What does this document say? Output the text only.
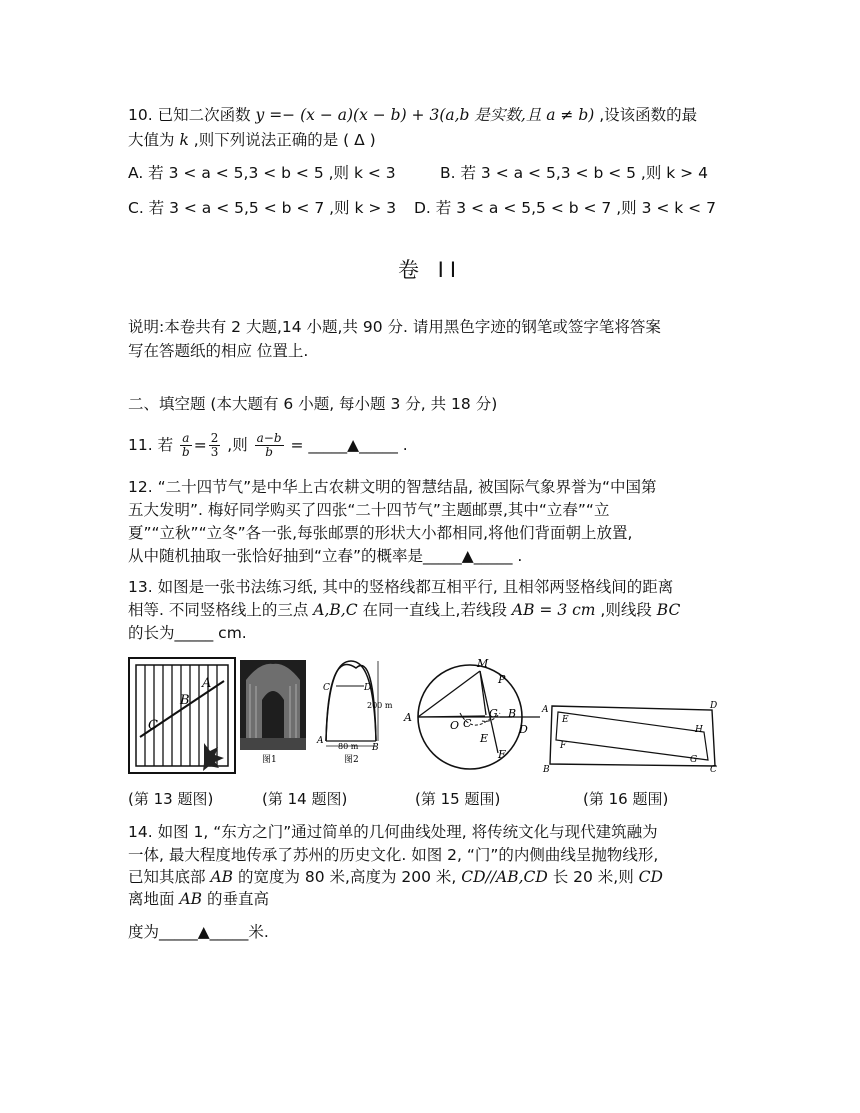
10. 已知二次函数 y =− (x − a)(x − b) + 3(a,b 是实数,且 a ≠ b) ,设该函数的最
大值为 k ,则下列说法正确的是 ( Δ )
A. 若 3 < a < 5,3 < b < 5 ,则 k < 3	B. 若 3 < a < 5,3 < b < 5 ,则 k > 4
C. 若 3 < a < 5,5 < b < 7 ,则 k > 3 D. 若 3 < a < 5,5 < b < 7 ,则 3 < k < 7
卷 II
说明:本卷共有 2 大题,14 小题,共 90 分. 请用黑色字迹的钢笔或签字笔将答案
写在答题纸的相应 位置上.
二、填空题 (本大题有 6 小题, 每小题 3 分, 共 18 分)
11. 若 $\frac{a}{b} = \frac{2}{3}$ ,则 $\frac{a-b}{b}$ = _____▲_____ .
12. “二十四节气”是中华上古农耕文明的智慧结晶, 被国际气象界誉为“中国第
五大发明”. 梅好同学购买了四张“二十四节气”主题邮票,其中“立春”“立
夏”“立秋”“立冬”各一张,每张邮票的形状大小都相同,将他们背面朝上放置,
从中随机抽取一张恰好抽到“立春”的概率是_____▲_____ .
13. 如图是一张书法练习纸, 其中的竖格线都互相平行, 且相邻两竖格线间的距离
相等. 不同竖格线上的三点 A,B,C 在同一直线上,若线段 AB = 3 cm ,则线段 BC
的长为_____ cm.
A
B
C
图1
C	D
A
B
200 m
80 m
图2
M
P
A
O C
G B
D
E
F
A	D
E
H
F
G
B	C
(第 13 题图)	(第 14 题图)	(第 15 题围)	(第 16 题围)
14. 如图 1, “东方之门”通过简单的几何曲线处理, 将传统文化与现代建筑融为
一体, 最大程度地传承了苏州的历史文化. 如图 2, “门”的内侧曲线呈抛物线形,
已知其底部 AB 的宽度为 80 米,高度为 200 米, CD//AB,CD 长 20 米,则 CD
离地面 AB 的垂直高
度为_____▲_____米.
